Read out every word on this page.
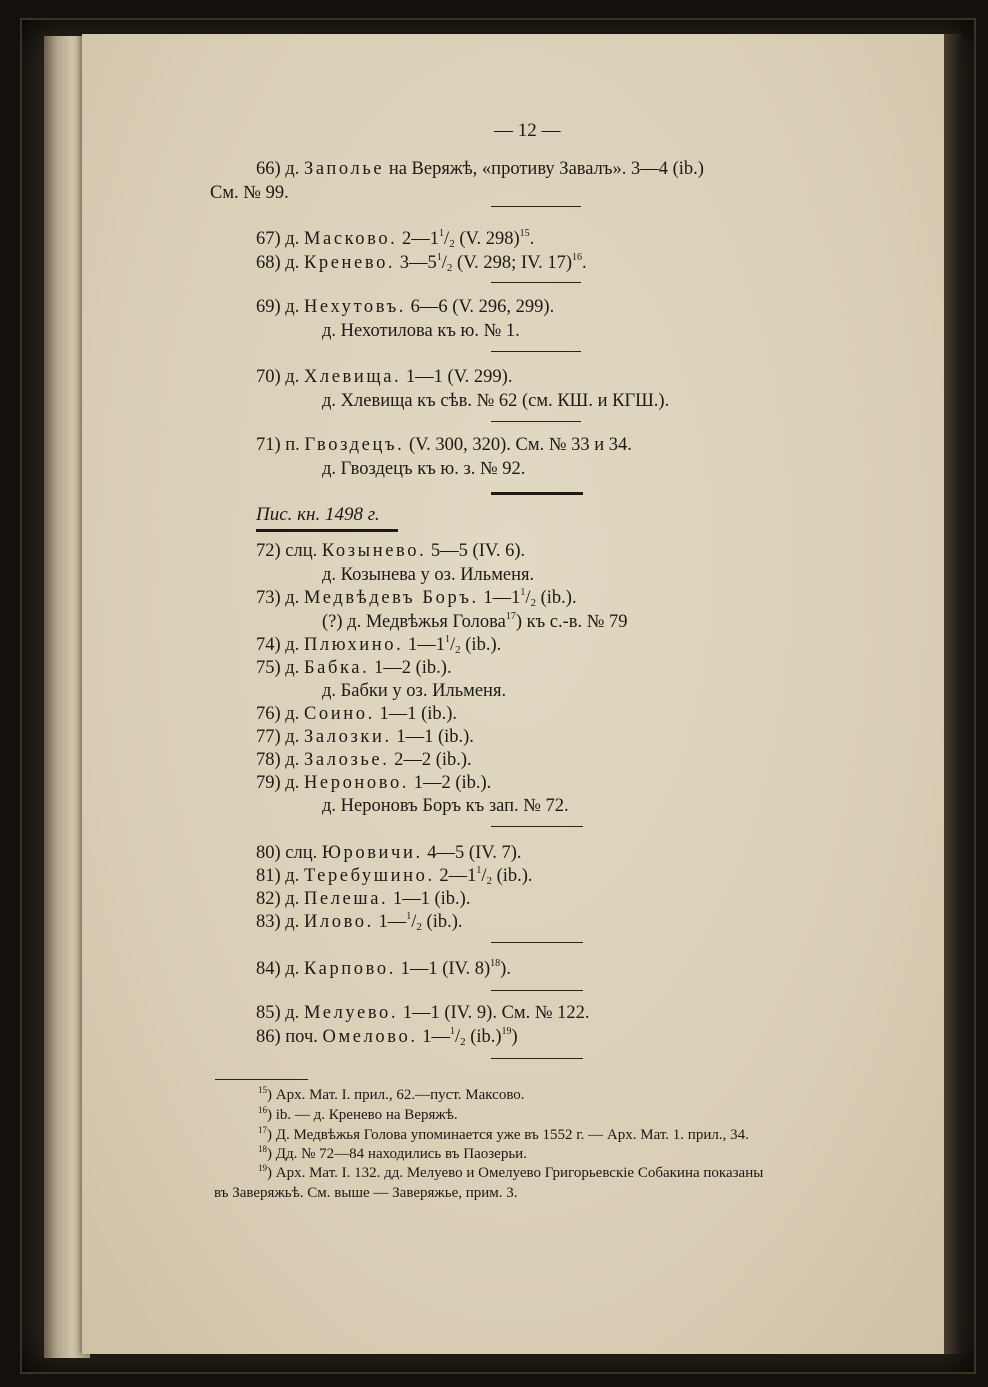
— 12 —
66) д. Заполье на Веряжѣ, «противу Завалъ». 3—4 (ib.)
См. № 99.
67) д. Масково. $2—1^1/_2$ (V. 298)$^{15}$.
68) д. Кренево. $3—5^1/_2$ (V. 298; IV. 17)$^{16}$.
69) д. Нехутовъ. 6—6 (V. 296, 299).
д. Нехотилова къ ю. № 1.
70) д. Хлевища. 1—1 (V. 299).
д. Хлевища къ сѣв. № 62 (см. КШ. и КГШ.).
71) п. Гвоздецъ. (V. 300, 320). См. № 33 и 34.
д. Гвоздецъ къ ю. з. № 92.
Пис. кн. 1498 г.
72) слц. Козынево. 5—5 (IV. 6).
д. Козынева у оз. Ильменя.
73) д. Медвѣдевъ Боръ. $1—1^1/_2$ (ib.).
(?) д. Медвѣжья Голова$^{17}$) къ с.-в. № 79
74) д. Плюхино. $1—1^1/_2$ (ib.).
75) д. Бабка. 1—2 (ib.).
д. Бабки у оз. Ильменя.
76) д. Соино. 1—1 (ib.).
77) д. Залозки. 1—1 (ib.).
78) д. Залозье. 2—2 (ib.).
79) д. Нероново. 1—2 (ib.).
д. Нероновъ Боръ къ зап. № 72.
80) слц. Юровичи. 4—5 (IV. 7).
81) д. Теребушино. $2—1^1/_2$ (ib.).
82) д. Пелеша. 1—1 (ib.).
83) д. Илово. $1—^1/_2$ (ib.).
84) д. Карпово. 1—1 (IV. 8)$^{18}$).
85) д. Мелуево. 1—1 (IV. 9). См. № 122.
86) поч. Омелово. $1—^1/_2$ $(ib.)^{19}$)
$^{15}$) Арх. Мат. I. прил., 62.—пуст. Максово.
$^{16}$) ib. — д. Кренево на Веряжѣ.
$^{17}$) Д. Медвѣжья Голова упоминается уже въ 1552 г. — Арх. Мат. 1. прил., 34.
$^{18}$) Дд. № 72—84 находились въ Паозерьи.
$^{19}$) Арх. Мат. I. 132. дд. Мелуево и Омелуево Григорьевскіе Собакина показаны
въ Заверяжьѣ. См. выше — Заверяжье, прим. 3.
